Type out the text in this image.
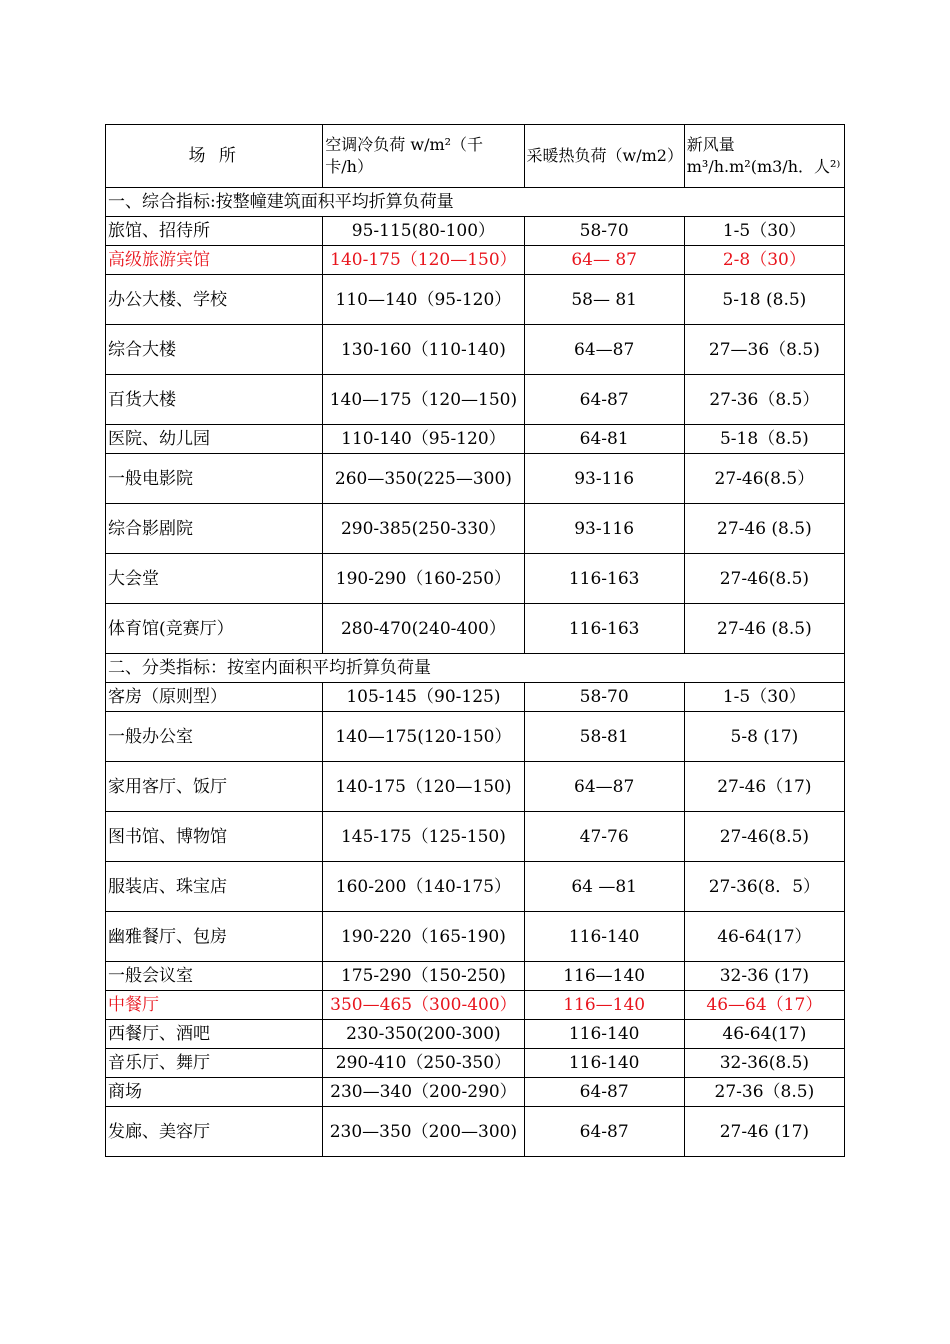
场 所	空调冷负荷 w/m²（千卡/h）	采暖热负荷（w/m2）	新风量 m³/h.m²(m3/h．人²⁾
一、综合指标:按整幢建筑面积平均折算负荷量			
旅馆、招待所	95-115(80-100）	58-70	1-5（30）
高级旅游宾馆	140-175（120—150）	64— 87	2-8（30）
办公大楼、学校	110—140（95-120）	58— 81	5-18 (8.5)
综合大楼	130-160（110-140)	64—87	27—36（8.5)
百货大楼	140—175（120—150)	64-87	27-36（8.5）
医院、幼儿园	110-140（95-120）	64-81	5-18（8.5)
一般电影院	260—350(225—300)	93-116	27-46(8.5）
综合影剧院	290-385(250-330）	93-116	27-46 (8.5)
大会堂	190-290（160-250）	116-163	27-46(8.5)
体育馆(竞赛厅）	280-470(240-400）	116-163	27-46 (8.5)
二、分类指标：按室内面积平均折算负荷量			
客房（原则型）	105-145（90-125)	58-70	1-5（30）
一般办公室	140—175(120-150）	58-81	5-8 (17)
家用客厅、饭厅	140-175（120—150)	64—87	27-46（17)
图书馆、博物馆	145-175（125-150)	47-76	27-46(8.5)
服装店、珠宝店	160-200（140-175）	64 —81	27-36(8．5）
幽雅餐厅、包房	190-220（165-190)	116-140	46-64(17）
一般会议室	175-290（150-250)	116—140	32-36 (17)
中餐厅	350—465（300-400）	116—140	46—64（17）
西餐厅、酒吧	230-350(200-300)	116-140	46-64(17)
音乐厅、舞厅	290-410（250-350）	116-140	32-36(8.5)
商场	230—340（200-290）	64-87	27-36（8.5)
发廊、美容厅	230—350（200—300)	64-87	27-46 (17)
